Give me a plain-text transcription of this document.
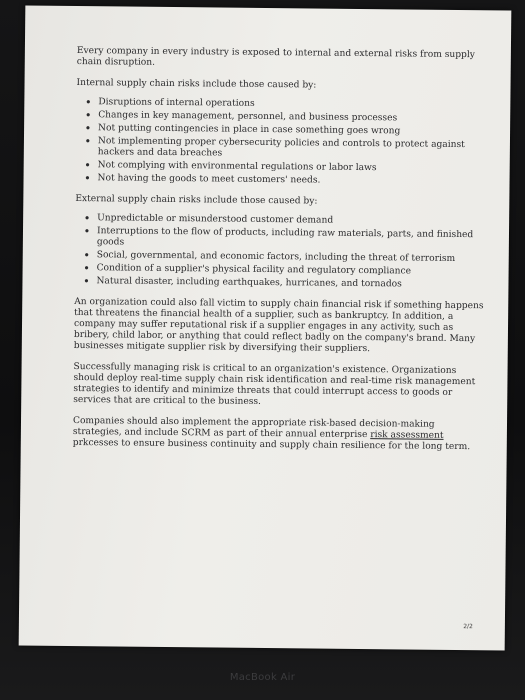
Every company in every industry is exposed to internal and external risks from supply chain disruption.

Internal supply chain risks include those caused by:

• Disruptions of internal operations
• Changes in key management, personnel, and business processes
• Not putting contingencies in place in case something goes wrong
• Not implementing proper cybersecurity policies and controls to protect against hackers and data breaches
• Not complying with environmental regulations or labor laws
• Not having the goods to meet customers' needs.

External supply chain risks include those caused by:

• Unpredictable or misunderstood customer demand
• Interruptions to the flow of products, including raw materials, parts, and finished goods
• Social, governmental, and economic factors, including the threat of terrorism
• Condition of a supplier's physical facility and regulatory compliance
• Natural disaster, including earthquakes, hurricanes, and tornados

An organization could also fall victim to supply chain financial risk if something happens that threatens the financial health of a supplier, such as bankruptcy. In addition, a company may suffer reputational risk if a supplier engages in any activity, such as bribery, child labor, or anything that could reflect badly on the company's brand. Many businesses mitigate supplier risk by diversifying their suppliers.

Successfully managing risk is critical to an organization's existence. Organizations should deploy real-time supply chain risk identification and real-time risk management strategies to identify and minimize threats that could interrupt access to goods or services that are critical to the business.

Companies should also implement the appropriate risk-based decision-making strategies, and include SCRM as part of their annual enterprise risk assessment prkcesses to ensure business continuity and supply chain resilience for the long term.

2/2
MacBook Air
